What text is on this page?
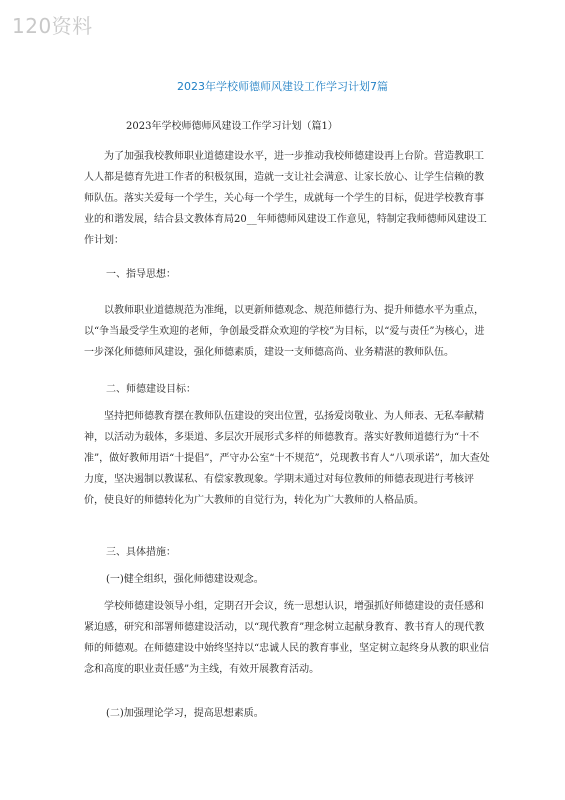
120资料
2023年学校师德师风建设工作学习计划7篇
2023年学校师德师风建设工作学习计划（篇1）
为了加强我校教师职业道德建设水平，进一步推动我校师德建设再上台阶。营造教职工人人都是德育先进工作者的积极氛围，造就一支让社会满意、让家长放心、让学生信赖的教师队伍。落实关爱每一个学生，关心每一个学生，成就每一个学生的目标，促进学校教育事业的和谐发展，结合县文教体育局20__年师德师风建设工作意见，特制定我师德师风建设工作计划：
一、指导思想：
以教师职业道德规范为准绳，以更新师德观念、规范师德行为、提升师德水平为重点，以“争当最受学生欢迎的老师，争创最受群众欢迎的学校”为目标，以“爱与责任”为核心，进一步深化师德师风建设，强化师德素质，建设一支师德高尚、业务精湛的教师队伍。
二、师德建设目标：
坚持把师德教育摆在教师队伍建设的突出位置，弘扬爱岗敬业、为人师表、无私奉献精神，以活动为载体，多渠道、多层次开展形式多样的师德教育。落实好教师道德行为“十不准”，做好教师用语“十提倡”，严守办公室“十不规范”，兑现教书育人“八项承诺”，加大查处力度，坚决遏制以教谋私、有偿家教现象。学期末通过对每位教师的师德表现进行考核评价，使良好的师德转化为广大教师的自觉行为，转化为广大教师的人格品质。
三、具体措施：
(一)健全组织，强化师德建设观念。
学校师德建设领导小组，定期召开会议，统一思想认识，增强抓好师德建设的责任感和紧迫感，研究和部署师德建设活动，以“现代教育”理念树立起献身教育、教书育人的现代教师的师德观。在师德建设中始终坚持以“忠诚人民的教育事业，坚定树立起终身从教的职业信念和高度的职业责任感”为主线，有效开展教育活动。
(二)加强理论学习，提高思想素质。
